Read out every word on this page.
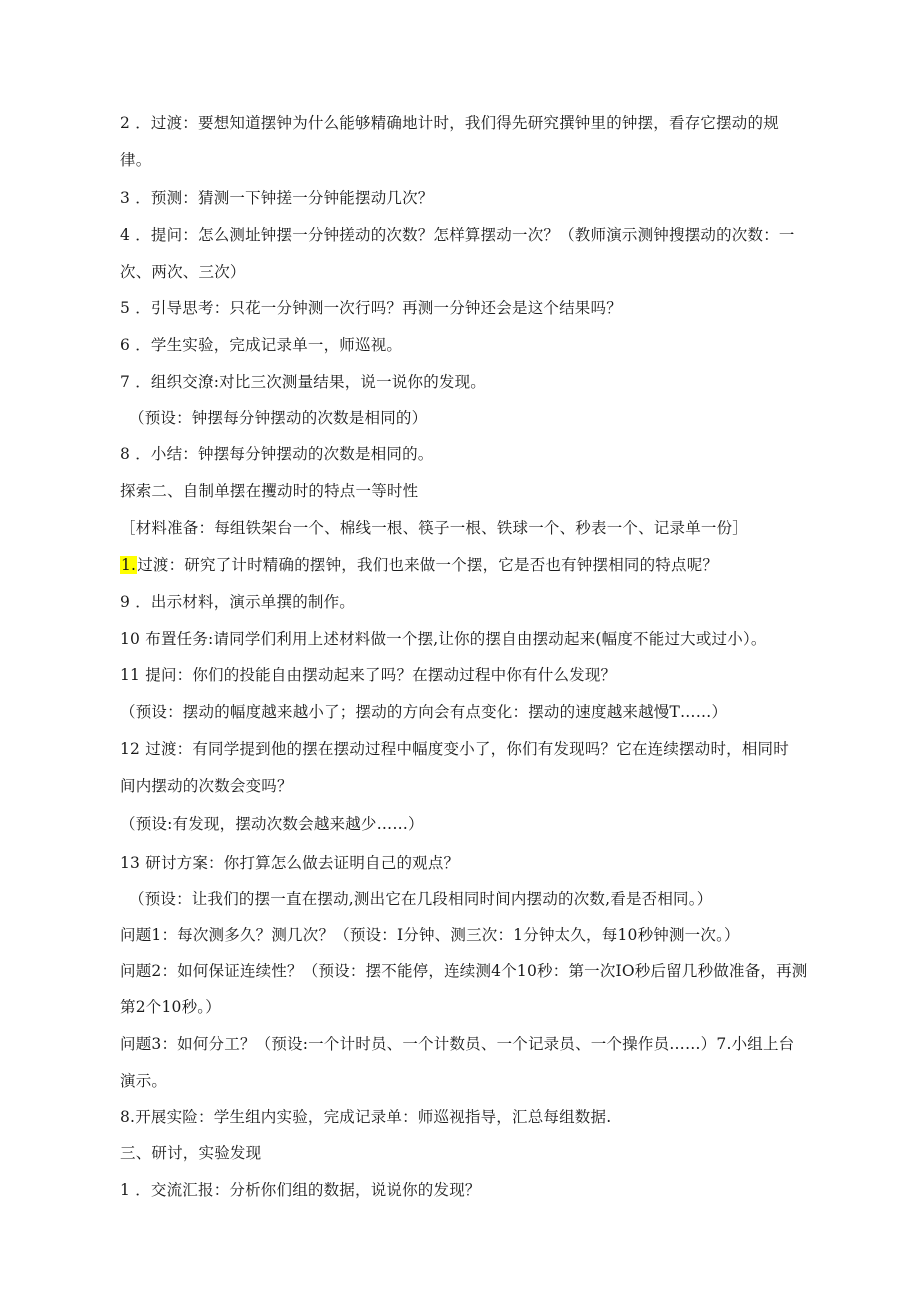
2 ．过渡：要想知道摆钟为什么能够精确地计时，我们得先研究撰钟里的钟摆，看存它摆动的规
律。
3 ．预测：猜测一下钟搓一分钟能摆动几次？
4 ．提问：怎么测址钟摆一分钟搓动的次数？怎样算摆动一次？（教师演示测钟搜摆动的次数：一
次、两次、三次）
5 ．引导思考：只花一分钟测一次行吗？再测一分钟还会是这个结果吗？
6 ．学生实验，完成记录单一，师巡视。
7 ．组织交潦:对比三次测量结果，说一说你的发现。
（预设：钟摆每分钟摆动的次数是相同的）
8 ．小结：钟摆每分钟摆动的次数是相同的。
探索二、自制单摆在攫动时的特点一等时性
［材料准备：每组铁架台一个、棉线一根、筷子一根、铁球一个、秒表一个、记录单一份］
1.过渡：研究了计时精确的摆钟，我们也来做一个摆，它是否也有钟摆相同的特点呢？
9 ．出示材料，演示单撰的制作。
10 布置任务:请同学们利用上述材料做一个摆,让你的摆自由摆动起来(幅度不能过大或过小）。
11 提问：你们的投能自由摆动起来了吗？在摆动过程中你有什么发现？
（预设：摆动的幅度越来越小了；摆动的方向会有点变化：摆动的速度越来越慢T……）
12 过渡：有同学提到他的摆在摆动过程中幅度变小了，你们有发现吗？它在连续摆动时，相同时
间内摆动的次数会变吗？
（预设:有发现，摆动次数会越来越少……）
13 研讨方案：你打算怎么做去证明自己的观点？
（预设：让我们的摆一直在摆动,测出它在几段相同时间内摆动的次数,看是否相同。）
问题1：每次测多久？测几次？（预设：I分钟、测三次：1分钟太久，每10秒钟测一次。）
问题2：如何保证连续性？（预设：摆不能停，连续测4个10秒：第一次IO秒后留几秒做准备，再测
第2个10秒。）
问题3：如何分工？（预设:一个计时员、一个计数员、一个记录员、一个操作员……）7.小组上台
演示。
8.开展实险：学生组内实验，完成记录单：师巡视指导，汇总每组数据.
三、研讨，实验发现
1 ．交流汇报：分析你们组的数据，说说你的发现？
